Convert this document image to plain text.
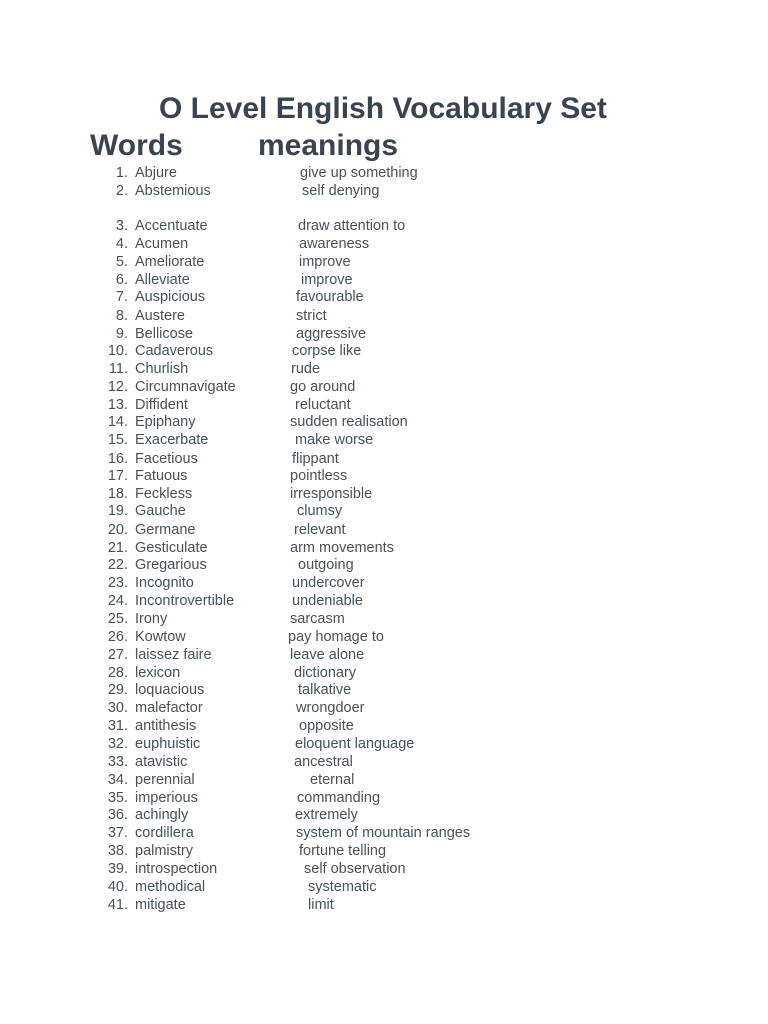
O Level English Vocabulary Set
Words	meanings
1. Abjure	give up something
2. Abstemious	self denying
3. Accentuate	draw attention to
4. Acumen	awareness
5. Ameliorate	improve
6. Alleviate	improve
7. Auspicious	favourable
8. Austere	strict
9. Bellicose	aggressive
10. Cadaverous	corpse like
11. Churlish	rude
12. Circumnavigate	go around
13. Diffident	reluctant
14. Epiphany	sudden realisation
15. Exacerbate	make worse
16. Facetious	flippant
17. Fatuous	pointless
18. Feckless	irresponsible
19. Gauche	clumsy
20. Germane	relevant
21. Gesticulate	arm movements
22. Gregarious	outgoing
23. Incognito	undercover
24. Incontrovertible	undeniable
25. Irony	sarcasm
26. Kowtow	pay homage to
27. laissez faire	leave alone
28. lexicon	dictionary
29. loquacious	talkative
30. malefactor	wrongdoer
31. antithesis	opposite
32. euphuistic	eloquent language
33. atavistic	ancestral
34. perennial	eternal
35. imperious	commanding
36. achingly	extremely
37. cordillera	system of mountain ranges
38. palmistry	fortune telling
39. introspection	self observation
40. methodical	systematic
41. mitigate	limit
